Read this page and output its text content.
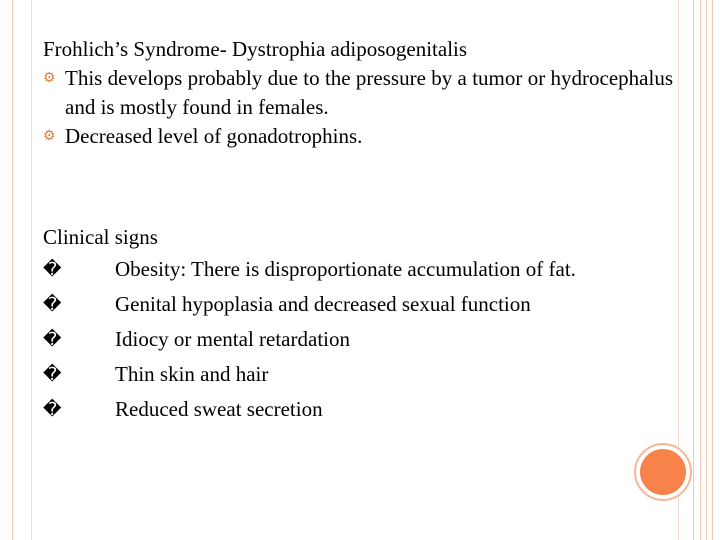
Frohlich’s Syndrome- Dystrophia adiposogenitalis
⚙ This develops probably due to the pressure by a tumor or hydrocephalus and is mostly found in females.
⚙ Decreased level of gonadotrophins.
Clinical signs
�	Obesity: There is disproportionate accumulation of fat.
�	Genital hypoplasia and decreased sexual function
�	Idiocy or mental retardation
�	Thin skin and hair
�	Reduced sweat secretion
